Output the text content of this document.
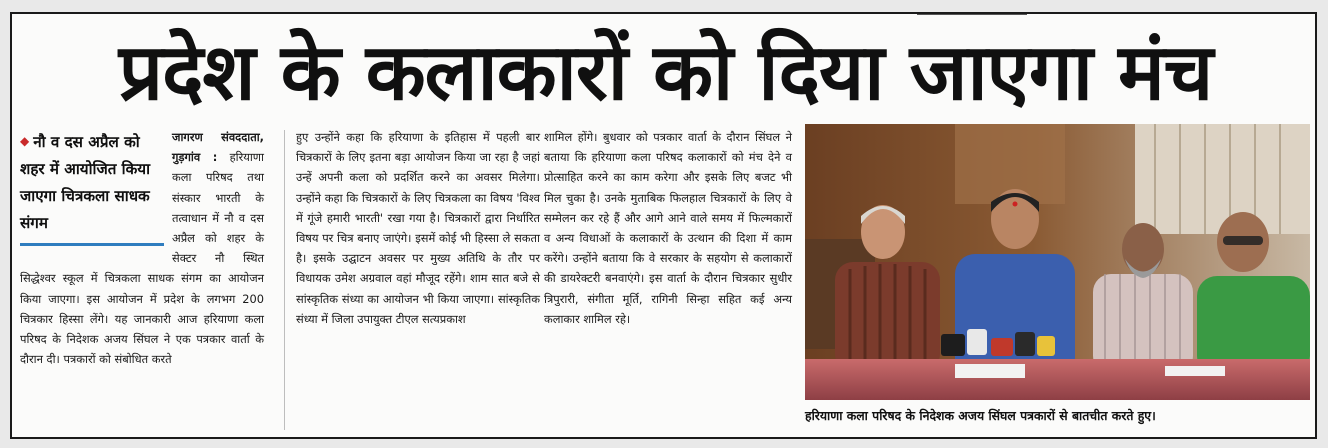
प्रदेश के कलाकारों को दिया जाएगा मंच
◆ नौ व दस अप्रैल को शहर में आयोजित किया जाएगा चित्रकला साधक संगम

जागरण संवददाता, गुड़गांव : हरियाणा कला परिषद तथा संस्कार भारती के तत्वाधान में नौ व दस अप्रैल को शहर के सेक्टर नौ स्थित सिद्धेश्वर स्कूल में चित्रकला साधक संगम का आयोजन किया जाएगा। इस आयोजन में प्रदेश के लगभग 200 चित्रकार हिस्सा लेंगे। यह जानकारी आज हरियाणा कला परिषद के निदेशक अजय सिंघल ने एक पत्रकार वार्ता के दौरान दी। पत्रकारों को संबोधित करते

हुए उन्होंने कहा कि हरियाणा के इतिहास में पहली बार चित्रकारों के लिए इतना बड़ा आयोजन किया जा रहा है जहां उन्हें अपनी कला को प्रदर्शित करने का अवसर मिलेगा। उन्होंने कहा कि चित्रकारों के लिए चित्रकला का विषय 'विश्व में गूंजे हमारी भारती' रखा गया है। चित्रकारों द्वारा निर्धारित विषय पर चित्र बनाए जाएंगे। इसमें कोई भी हिस्सा ले सकता है। इसके उद्घाटन अवसर पर मुख्य अतिथि के तौर पर विधायक उमेश अग्रवाल वहां मौजूद रहेंगे। शाम सात बजे से सांस्कृतिक संध्या का आयोजन भी किया जाएगा। सांस्कृतिक संध्या में जिला उपायुक्त टीएल सत्यप्रकाश

शामिल होंगे। बुधवार को पत्रकार वार्ता के दौरान सिंघल ने बताया कि हरियाणा कला परिषद कलाकारों को मंच देने व प्रोत्साहित करने का काम करेगा और इसके लिए बजट भी मिल चुका है। उनके मुताबिक फिलहाल चित्रकारों के लिए वे सम्मेलन कर रहे हैं और आगे आने वाले समय में फिल्मकारों व अन्य विधाओं के कलाकारों के उत्थान की दिशा में काम करेंगे। उन्होंने बताया कि वे सरकार के सहयोग से कलाकारों की डायरेक्टरी बनवाएंगे। इस वार्ता के दौरान चित्रकार सुधीर त्रिपुरारी, संगीता मूर्ति, रागिनी सिन्हा सहित कई अन्य कलाकार शामिल रहे।

हरियाणा कला परिषद के निदेशक अजय सिंघल पत्रकारों से बातचीत करते हुए।
